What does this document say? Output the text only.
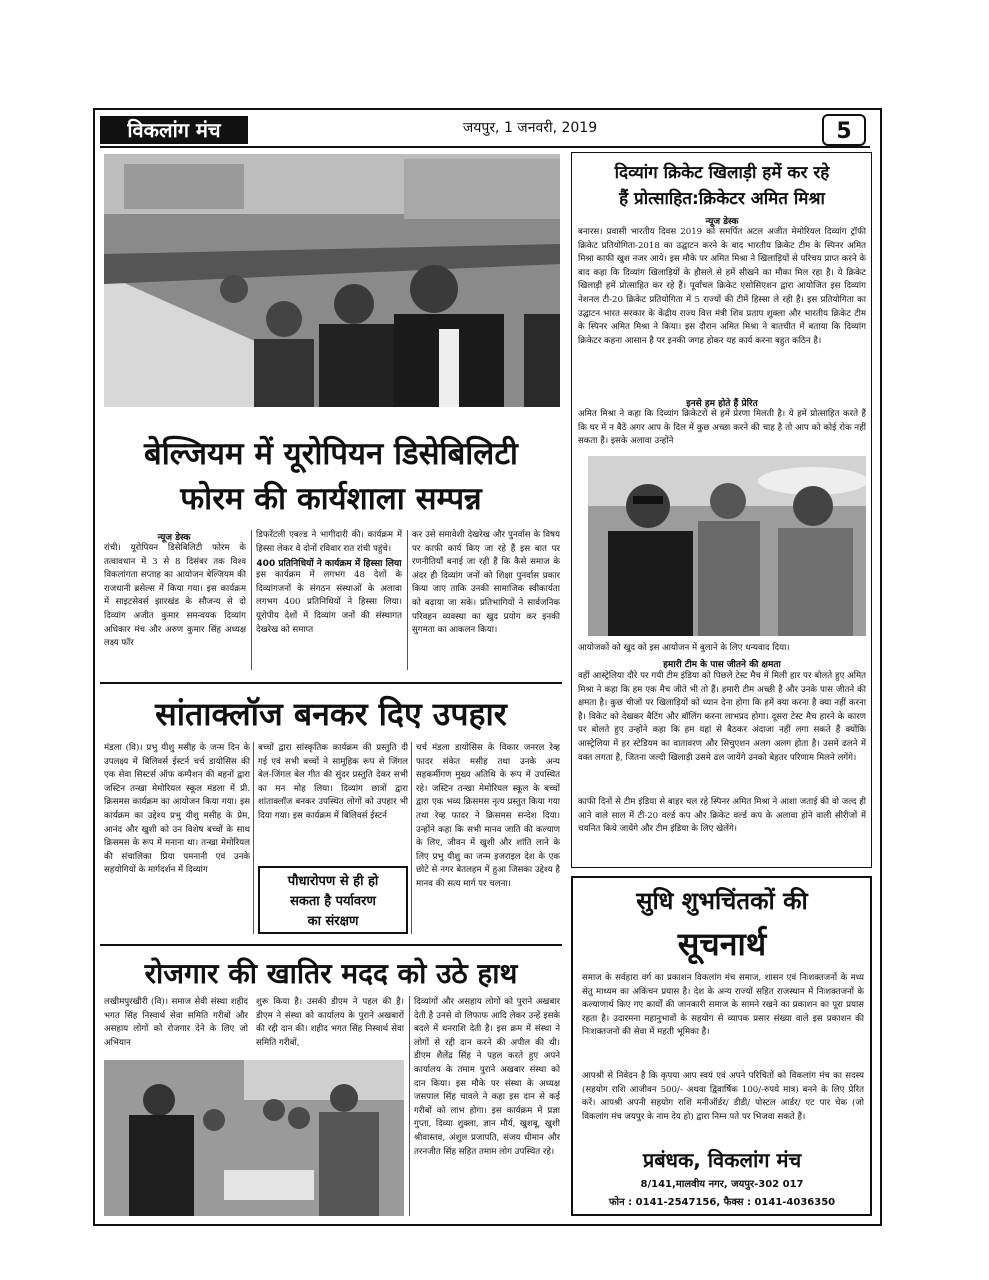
विकलांग मंच	जयपुर, 1 जनवरी, 2019	5
बेल्जियम में यूरोपियन डिसेबिलिटी
फोरम की कार्यशाला सम्पन्न
न्यूज डेस्क
रांची। यूरोपियन डिसेबिलिटी फोरम के तत्वावधान में 3 से 8 दिसंबर तक विश्व विकलांगता सप्ताह का आयोजन बेल्जियम की राजधानी ब्रसेल्स में किया गया। इस कार्यक्रम में साइटसेवर्स झारखंड के सौजन्य से दो दिव्यांग अजीत कुमार समन्वयक दिव्यांग अधिकार मंच और अरुण कुमार सिंह अध्यक्ष लक्ष्य फॉर
डिफरेंटली एबल्ड ने भागीदारी की। कार्यक्रम में हिस्सा लेकर वे दोनों रविवार रात रांची पहुंचे।
400 प्रतिनिधियों ने कार्यक्रम में हिस्सा लिया
इस कार्यक्रम में लगभग 48 देशों के दिव्यांगजनों के संगठन संस्थाओं के अलावा लगभग 400 प्रतिनिधियों ने हिस्सा लिया। यूरोपीय देशों में दिव्यांग जनों की संस्थागत देखरेख को समाप्त
कर उसे समावेशी देखरेख और पुनर्वास के विषय पर काफी कार्य किए जा रहे हैं इस बात पर रणनीतियाँ बनाई जा रही हैं कि कैसे समाज के अंदर ही दिव्यांग जनों को शिक्षा पुनर्वास प्रकार किया जाए ताकि उनकी सामाजिक स्वीकार्यता को बढ़ाया जा सके। प्रतिभागियों ने सार्वजनिक परिवहन व्यवस्था का खुद प्रयोग कर इनकी सुगमता का आकलन किया।
सांताक्लॉज बनकर दिए उपहार
मंडला (वि)। प्रभु यीशु मसीह के जन्म दिन के उपलक्ष्य में बिलिवर्स ईस्टर्न चर्च डायोसिस की एक सेवा सिस्टर्स ऑफ कम्पैशन की बहनों द्वारा जस्टिन तन्खा मेमोरियल स्कूल मंडला में प्री. क्रिसमस कार्यक्रम का आयोजन किया गया। इस कार्यक्रम का उद्देश्य प्रभु यीशु मसीह के प्रेम, आनंद और खुशी को उन विशेष बच्चों के साथ क्रिसमस के रूप में मनाना था। तन्खा मेमोरियल की संचालिका प्रिया पमनानी एवं उनके सहयोगियों के मार्गदर्शन में दिव्यांग
बच्चों द्वारा सांस्कृतिक कार्यक्रम की प्रस्तुति दी गई एवं सभी बच्चों ने सामूहिक रूप से जिंगल बेल-जिंगल बेल गीत की सुंदर प्रस्तुति देकर सभी का मन मोह लिया। दिव्यांग छात्रों द्वारा शांताक्लॉज बनकर उपस्थित लोगों को उपहार भी दिया गया। इस कार्यक्रम में बिलिवर्स ईस्टर्न
पौधारोपण से ही हो
सकता है पर्यावरण
का संरक्षण
चर्च मंडला डायोसिस के विकार जनरल रेव्ह फादर संकेत मसीह तथा उनके अन्य सहकर्मीगण मुख्य अतिथि के रूप में उपस्थित रहे। जस्टिन तन्खा मेमोरियल स्कूल के बच्चों द्वारा एक भव्य क्रिसमस नृत्य प्रस्तुत किया गया तथा रेव्ह फादर ने क्रिसमस सन्देश दिया। उन्होंने कहा कि सभी मानव जाति की कल्याण के लिए, जीवन में खुशी और शांति लाने के लिए प्रभु यीशु का जन्म इजराइल देश के एक छोटे से नगर बेतलहम में हुआ जिसका उद्देश्य है मानव की सत्य मार्ग पर चलना।
रोजगार की खातिर मदद को उठे हाथ
लखीमपुरखीरी (वि)। समाज सेवी संस्था शहीद भगत सिंह निस्वार्थ सेवा समिति गरीबों और असहाय लोगों को रोजगार देने के लिए जो अभियान
शुरू किया है। उसकी डीएम ने पहल की है। डीएम ने संस्था को कार्यालय के पुराने अखबारों की रद्दी दान की। शहीद भगत सिंह निस्वार्थ सेवा समिति गरीबों,
दिव्यांगों और असहाय लोगों को पुराने अखबार देती है उनसे वो लिफाफ आदि लेकर उन्हें इसके बदले में धनराशि देती है। इस क्रम में संस्था ने लोगों से रद्दी दान करने की अपील की थी। डीएम शैलेंद्र सिंह ने पहल करते हुए अपने कार्यालय के तमाम पुराने अखबार संस्था को दान किया। इस मौके पर संस्था के अध्यक्ष जसपाल सिंह चावले ने कहा इस दान से कई गरीबों को लाभ होगा। इस कार्यक्रम में प्रज्ञा गुप्ता, दिव्या शुक्ला, ज्ञान मौर्य, खुशबू, खुशी श्रीवास्तव, अंशुल प्रजापति, संजय धीमान और तरनजीत सिंह सहित तमाम लोग उपस्थित रहे।
दिव्यांग क्रिकेट खिलाड़ी हमें कर रहे
हैं प्रोत्साहित:क्रिकेटर अमित मिश्रा
न्यूज डेस्क
बनारस। प्रवासी भारतीय दिवस 2019 को समर्पित अटल अजीत मेमोरियल दिव्यांग ट्रॉफी क्रिकेट प्रतियोगिता-2018 का उद्घाटन करने के बाद भारतीय क्रिकेट टीम के स्पिनर अमित मिश्रा काफी खुश नजर आये। इस मौके पर अमित मिश्रा ने खिलाड़ियों से परिचय प्राप्त करने के बाद कहा कि दिव्यांग खिलाड़ियों के हौसले से हमें सीखने का मौका मिल रहा है। ये क्रिकेट खिलाड़ी हमें प्रोत्साहित कर रहे हैं। पूर्वांचल क्रिकेट एसोसिएशन द्वारा आयोजित इस दिव्यांग नेशनल टी-20 क्रिकेट प्रतियोगिता में 5 राज्यों की टीमें हिस्सा ले रही हैं। इस प्रतियोगिता का उद्घाटन भारत सरकार के केंद्रीय राज्य वित्त मंत्री शिव प्रताप शुक्ला और भारतीय क्रिकेट टीम के स्पिनर अमित मिश्रा ने किया। इस दौरान अमित मिश्रा ने बातचीत में बताया कि दिव्यांग क्रिकेटर कहना आसान है पर इनकी जगह होकर यह कार्य करना बहुत कठिन है।
इनसे हम होते हैं प्रेरित
अमित मिश्रा ने कहा कि दिव्यांग क्रिकेटरों से हमें प्रेरणा मिलती है। ये हमें प्रोत्साहित करते हैं कि घर में न बैठें अगर आप के दिल में कुछ अच्छा करने की चाह है तो आप को कोई रोक नहीं सकता है। इसके अलावा उन्होंने
आयोजकों को खुद को इस आयोजन में बुलाने के लिए धन्यवाद दिया।
हमारी टीम के पास जीतने की क्षमता
वहीं आस्ट्रेलिया दौरे पर गयी टीम इंडिया को पिछले टेस्ट मैच में मिली हार पर बोलते हुए अमित मिश्रा ने कहा कि हम एक मैच जीते भी तो हैं। हमारी टीम अच्छी है और उनके पास जीतने की क्षमता है। कुछ चीजों पर खिलाड़ियों को ध्यान देना होगा कि हमें क्या करना है क्या नहीं करना है। विकेट को देखकर बैटिंग और बॉलिंग करना लाभप्रद होगा। दूसरा टेस्ट मैच हारने के कारण पर बोलते हुए उन्होंने कहा कि हम यहां से बैठकर अंदाजा नहीं लगा सकते हैं क्योंकि आस्ट्रेलिया में हर स्टेडियम का वातावरण और सिचुएशन अलग अलग होता है। उसमें ढलने में वक्त लगता है, जितना जल्दी खिलाड़ी उसमे ढल जायेंगे उनको बेहतर परिणाम मिलने लगेंगे।
काफी दिनों से टीम इंडिया से बाहर चल रहे स्पिनर अमित मिश्रा ने आशा जताई की वो जल्द ही आने वाले साल में टी-20 वर्ल्ड कप और क्रिकेट वर्ल्ड कप के अलावा होने वाली सीरीजों में चयनित किये जायेंगे और टीम इंडिया के लिए खेलेंगे।
सुधि शुभचिंतकों की
सूचनार्थ
समाज के सर्वहारा वर्ग का प्रकाशन विकलांग मंच समाज, शासन एवं निःशक्तजनों के मध्य सेतु माध्यम का अकिंचन प्रयास है। देश के अन्य राज्यों सहित राजस्थान में निःशक्तजनों के कल्याणार्थ किए गए कार्यों की जानकारी समाज के सामने रखने का प्रकाशन का पूरा प्रयास रहता है। उदारमना महानुभावों के सहयोग से व्यापक प्रसार संख्या वाले इस प्रकाशन की निःशक्तजनों की सेवा में महती भूमिका है।
आपश्री से निवेदन है कि कृपया आप स्वयं एवं अपने परिचितों को विकलांग मंच का सदस्य (सहयोग राशि आजीवन 500/- अथवा द्विवार्षिक 100/-रुपये मात्र) बनने के लिए प्रेरित करें। आपश्री अपनी सहयोग राशि मनीऑर्डर/ डीडी/ पोस्टल आर्डर/ एट पार चेक (जो विकलांग मंच जयपुर के नाम देय हो) द्वारा निम्न पते पर भिजवा सकते हैं।
प्रबंधक, विकलांग मंच
8/141,मालवीय नगर, जयपुर-302 017
फोन : 0141-2547156, फैक्स : 0141-4036350
